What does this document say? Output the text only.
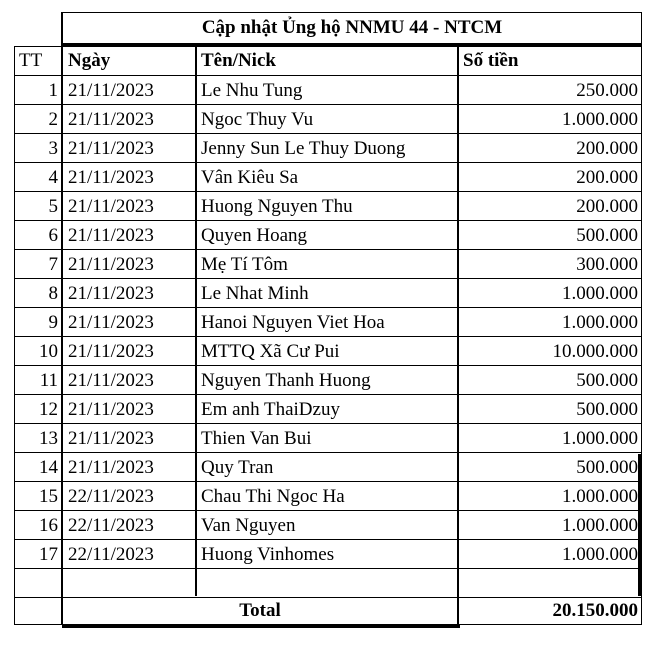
Cập nhật Ủng hộ NNMU 44 - NTCM
TT	Ngày	Tên/Nick	Số tiền
1 21/11/2023	Le Nhu Tung	250.000
2 21/11/2023	Ngoc Thuy Vu	1.000.000
3 21/11/2023	Jenny Sun Le Thuy Duong	200.000
4 21/11/2023	Vân Kiêu Sa	200.000
5 21/11/2023	Huong Nguyen Thu	200.000
6 21/11/2023	Quyen Hoang	500.000
7 21/11/2023	Mẹ Tí Tôm	300.000
8 21/11/2023	Le Nhat Minh	1.000.000
9 21/11/2023	Hanoi Nguyen Viet Hoa	1.000.000
10 21/11/2023	MTTQ Xã Cư Pui	10.000.000
11 21/11/2023	Nguyen Thanh Huong	500.000
12 21/11/2023	Em anh ThaiDzuy	500.000
13 21/11/2023	Thien Van Bui	1.000.000
14 21/11/2023	Quy Tran	500.000
15 22/11/2023	Chau Thi Ngoc Ha	1.000.000
16 22/11/2023	Van Nguyen	1.000.000
17 22/11/2023	Huong Vinhomes	1.000.000
Total	20.150.000
